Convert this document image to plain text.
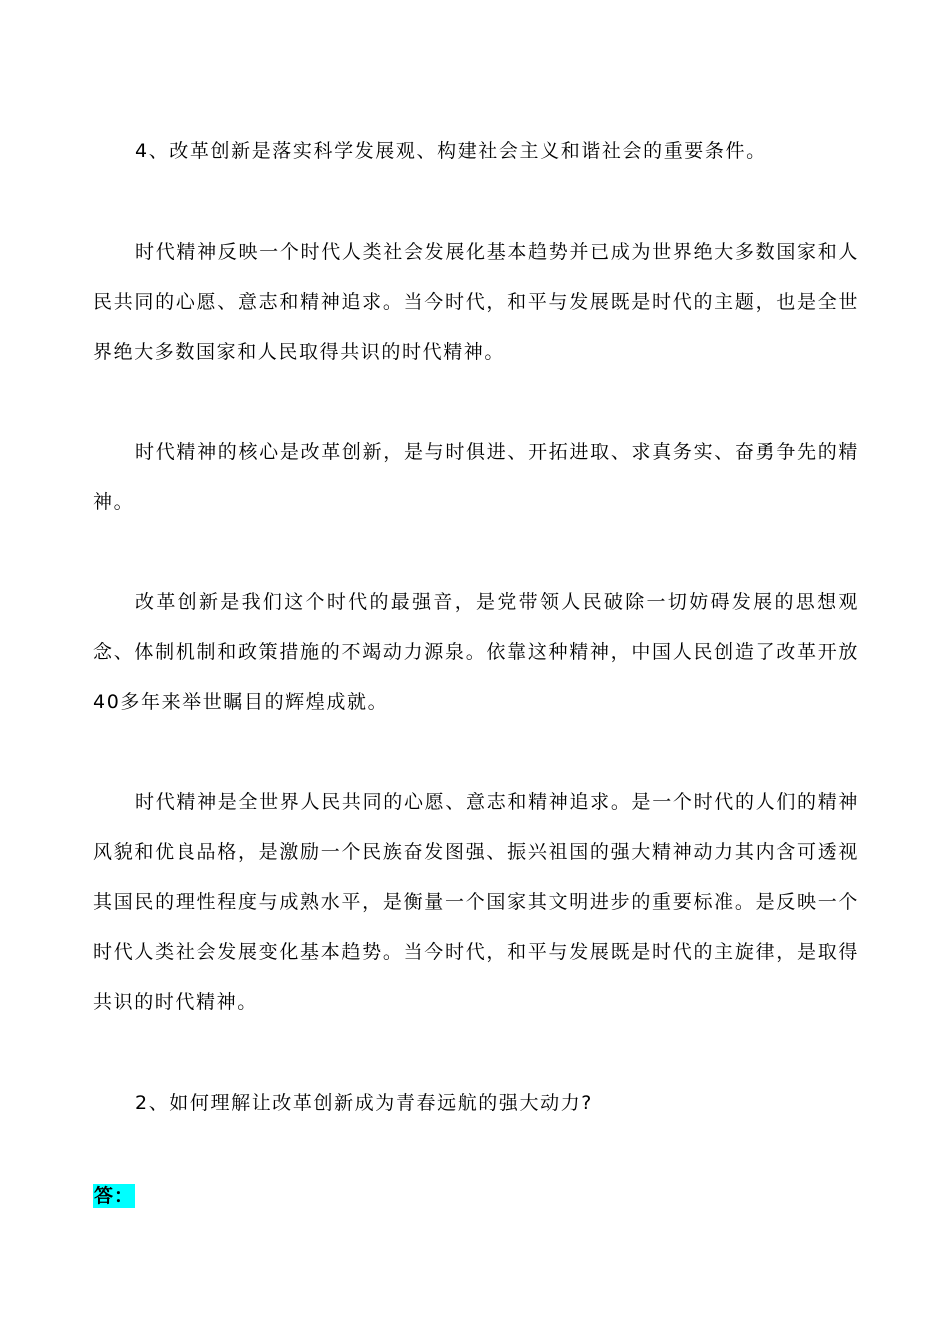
4、改革创新是落实科学发展观、构建社会主义和谐社会的重要条件。

时代精神反映一个时代人类社会发展化基本趋势并已成为世界绝大多数国家和人民共同的心愿、意志和精神追求。当今时代，和平与发展既是时代的主题，也是全世界绝大多数国家和人民取得共识的时代精神。

时代精神的核心是改革创新，是与时俱进、开拓进取、求真务实、奋勇争先的精神。

改革创新是我们这个时代的最强音，是党带领人民破除一切妨碍发展的思想观念、体制机制和政策措施的不竭动力源泉。依靠这种精神，中国人民创造了改革开放40多年来举世瞩目的辉煌成就。

时代精神是全世界人民共同的心愿、意志和精神追求。是一个时代的人们的精神风貌和优良品格，是激励一个民族奋发图强、振兴祖国的强大精神动力其内含可透视其国民的理性程度与成熟水平，是衡量一个国家其文明进步的重要标准。是反映一个时代人类社会发展变化基本趋势。当今时代，和平与发展既是时代的主旋律，是取得共识的时代精神。

2、如何理解让改革创新成为青春远航的强大动力?

答：
